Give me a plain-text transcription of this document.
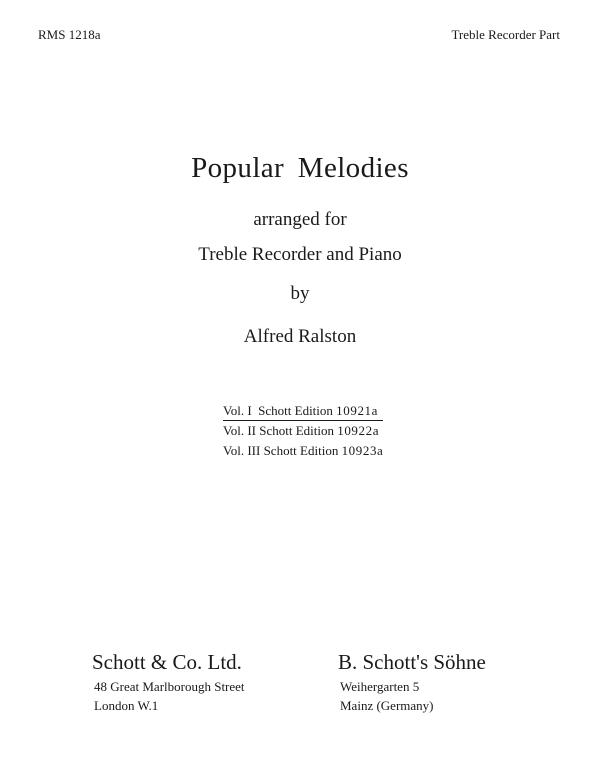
RMS 1218a	Treble Recorder Part
Popular Melodies
arranged for
Treble Recorder and Piano
by
Alfred Ralston
Vol. I Schott Edition 10921a
Vol. II Schott Edition 10922a
Vol. III Schott Edition 10923a
Schott & Co. Ltd.
48 Great Marlborough Street
London W.1
B. Schott's Söhne
Weihergarten 5
Mainz (Germany)
